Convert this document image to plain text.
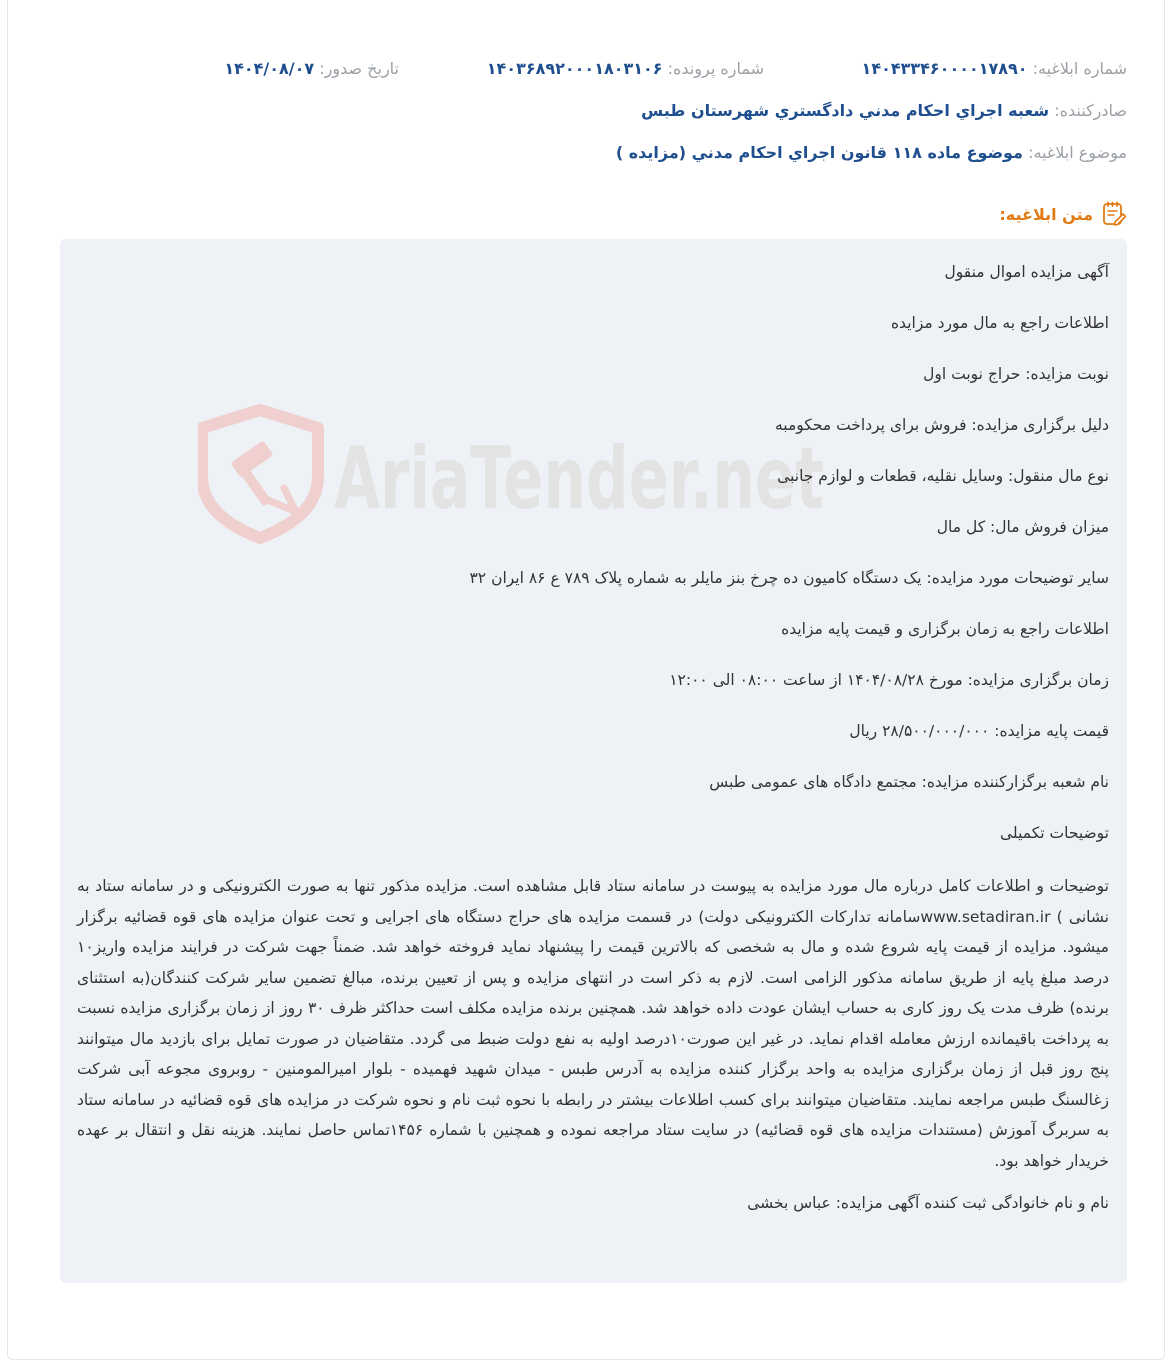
شماره ابلاغيه: ۱۴۰۴۳۳۴۶۰۰۰۰۱۷۸۹۰
شماره پرونده: ۱۴۰۳۶۸۹۲۰۰۰۱۸۰۳۱۰۶
تاريخ صدور: ۱۴۰۴/۰۸/۰۷
صادرکننده: شعبه اجراي احکام مدني دادگستري شهرستان طبس
موضوع ابلاغيه: موضوع ماده ۱۱۸ قانون اجراي احکام مدني (مزايده )
متن ابلاغیه:
AriaTender.net

آگهی مزایده اموال منقول

اطلاعات راجع به مال مورد مزایده

نوبت مزایده: حراج نوبت اول

دلیل برگزاری مزایده: فروش برای پرداخت محکومبه

نوع مال منقول: وسایل نقلیه، قطعات و لوازم جانبی

میزان فروش مال: کل مال

سایر توضیحات مورد مزایده: یک دستگاه کامیون ده چرخ بنز مایلر به شماره پلاک ۷۸۹ ع ۸۶ ایران ۳۲

اطلاعات راجع به زمان برگزاری و قیمت پایه مزایده

زمان برگزاری مزایده: مورخ ۱۴۰۴/۰۸/۲۸ از ساعت ۰۸:۰۰ الی ۱۲:۰۰

قیمت پایه مزایده: ۲۸/۵۰۰/۰۰۰/۰۰۰ ریال

نام شعبه برگزارکننده مزایده: مجتمع دادگاه های عمومی طبس

توضیحات تکمیلی

توضیحات و اطلاعات کامل درباره مال مورد مزایده به پیوست در سامانه ستاد قابل مشاهده است. مزایده مذکور تنها به صورت الکترونیکی و در سامانه ستاد به نشانی ) www.setadiran.irسامانه تدارکات الکترونیکی دولت) در قسمت مزایده های حراج دستگاه های اجرایی و تحت عنوان مزایده های قوه قضائیه برگزار میشود. مزایده از قیمت پایه شروع شده و مال به شخصی که بالاترین قیمت را پیشنهاد نماید فروخته خواهد شد. ضمناً جهت شرکت در فرایند مزایده واریز۱۰ درصد مبلغ پایه از طریق سامانه مذکور الزامی است. لازم به ذکر است در انتهای مزایده و پس از تعیین برنده، مبالغ تضمین سایر شرکت کنندگان(به استثنای برنده) ظرف مدت یک روز کاری به حساب ایشان عودت داده خواهد شد. همچنین برنده مزایده مکلف است حداکثر ظرف ۳۰ روز از زمان برگزاری مزایده نسبت به پرداخت باقیمانده ارزش معامله اقدام نماید. در غیر این صورت۱۰درصد اولیه به نفع دولت ضبط می گردد. متقاضیان در صورت تمایل برای بازدید مال میتوانند پنج روز قبل از زمان برگزاری مزایده به واحد برگزار کننده مزایده به آدرس طبس - میدان شهید فهمیده - بلوار امیرالمومنین - روبروی مجوعه آبی شرکت زغالسنگ طبس مراجعه نمایند. متقاضیان میتوانند برای کسب اطلاعات بیشتر در رابطه با نحوه ثبت نام و نحوه شرکت در مزایده های قوه قضائیه در سامانه ستاد به سربرگ آموزش (مستندات مزایده های قوه قضائیه) در سایت ستاد مراجعه نموده و همچنین با شماره ۱۴۵۶تماس حاصل نمایند. هزینه نقل و انتقال بر عهده خریدار خواهد بود.

نام و نام خانوادگی ثبت کننده آگهی مزایده: عباس بخشی
